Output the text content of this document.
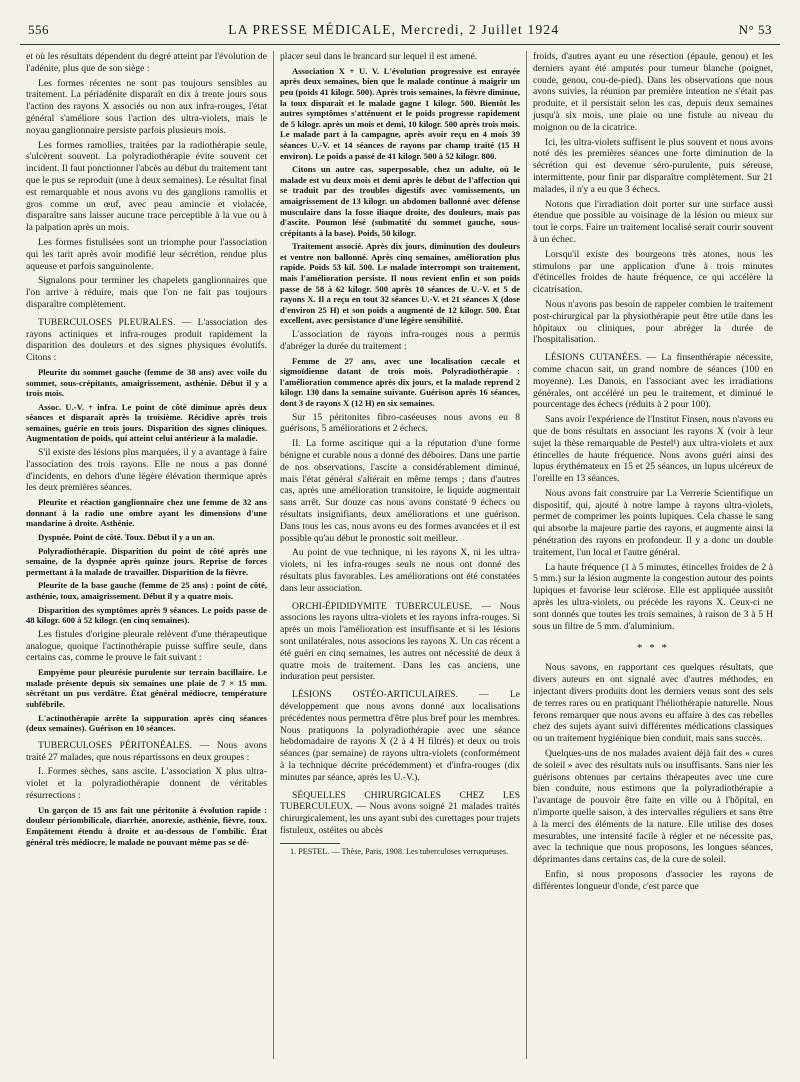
556	LA PRESSE MÉDICALE, Mercredi, 2 Juillet 1924	N° 53

et où les résultats dépendent du degré atteint par l'évolution de l'adénite, plus que de son siège :

Les formes récentes ne sont pas toujours sensibles au traitement. La périadénite disparaît en dix à trente jours sous l'action des rayons X associés ou non aux infra-rouges, l'état général s'améliore sous l'action des ultra-violets, mais le noyau ganglionnaire persiste parfois plusieurs mois.

Les formes ramollies, traitées par la radiothérapie seule, s'ulcèrent souvent. La polyradiothérapie évite souvent cet incident. Il faut ponctionner l'abcès au début du traitement tant que le pus se reproduit (une à deux semaines). Le résultat final est remarquable et nous avons vu des ganglions ramollis et gros comme un œuf, avec peau amincie et violacée, disparaître sans laisser aucune trace perceptible à la vue ou à la palpation après un mois.

Les formes fistulisées sont un triomphe pour l'association qui les tarit après avoir modifié leur sécrétion, rendue plus aqueuse et parfois sanguinolente.

Signalons pour terminer les chapelets ganglionnaires que l'on arrive à réduire, mais que l'on ne fait pas toujours disparaître complètement.

TUBERCULOSES PLEURALES. — L'association des rayons actiniques et infra-rouges produit rapidement la disparition des douleurs et des signes physiques évolutifs. Citons :

Pleurite du sommet gauche (femme de 38 ans) avec voile du sommet, sous-crépitants, amaigrissement, asthénie. Début il y a trois mois.

Assoc. U.-V. + infra. Le point de côté diminue après deux séances et disparaît après la troisième. Récidive après trois semaines, guérie en trois jours. Disparition des signes cliniques. Augmentation de poids, qui atteint celui antérieur à la maladie.

S'il existe des lésions plus marquées, il y a avantage à faire l'association des trois rayons. Elle ne nous a pas donné d'incidents, en dehors d'une légère élévation thermique après les deux premières séances.

Pleurite et réaction ganglionnaire chez une femme de 32 ans donnant à la radio une ombre ayant les dimensions d'une mandarine à droite. Asthénie.

Dyspnée. Point de côté. Toux. Début il y a un an.

Polyradiothérapie. Disparition du point de côté après une semaine, de la dyspnée après quinze jours. Reprise de forces permettant à la malade de travailler. Disparition de la fièvre.

Pleurite de la base gauche (femme de 25 ans) : point de côté, asthénie, toux, amaigrissement. Début il y a quatre mois.

Disparition des symptômes après 9 séances. Le poids passe de 48 kilogr. 600 à 52 kilogr. (en cinq semaines).

Les fistules d'origine pleurale relèvent d'une thérapeutique analogue, quoique l'actinothérapie puisse suffire seule, dans certains cas, comme le prouve le fait suivant :

Empyème pour pleurésie purulente sur terrain bacillaire. Le malade présente depuis six semaines une plaie de 7 × 15 mm. sécrétant un pus verdâtre. État général médiocre, température subfébrile.

L'actinothérapie arrête la suppuration après cinq séances (deux semaines). Guérison en 10 séances.

TUBERCULOSES PÉRITONÉALES. — Nous avons traité 27 malades, que nous répartissons en deux groupes :

I. Formes sèches, sans ascite. L'association X plus ultra-violet et la polyradiothérapie donnent de véritables résurrections :

Un garçon de 15 ans fait une péritonite à évolution rapide : douleur périombilicale, diarrhée, anorexie, asthénie, fièvre, toux. Empâtement étendu à droite et au-dessous de l'ombilic. État général très médiocre, le malade ne pouvant même pas se dé-

placer seul dans le brancard sur lequel il est amené.

Association X + U. V. L'évolution progressive est enrayée après deux semaines, bien que le malade continue à maigrir un peu (poids 41 kilogr. 500). Après trois semaines, la fièvre diminue, la toux disparaît et le malade gagne 1 kilogr. 500. Bientôt les autres symptômes s'atténuent et le poids progresse rapidement de 5 kilogr. après un mois et demi, 10 kilogr. 500 après trois mois. Le malade part à la campagne, après avoir reçu en 4 mois 39 séances U.-V. et 14 séances de rayons par champ traité (15 H environ). Le poids a passé de 41 kilogr. 500 à 52 kilogr. 800.

Citons un autre cas, superposable, chez un adulte, où le malade est vu deux mois et demi après le début de l'affection qui se traduit par des troubles digestifs avec vomissements, un amaigrissement de 13 kilogr. un abdomen ballonné avec défense musculaire dans la fosse iliaque droite, des douleurs, mais pas d'ascite. Poumon lésé (submatité du sommet gauche, sous-crépitants à la base). Poids, 50 kilogr.

Traitement associé. Après dix jours, diminution des douleurs et ventre non ballonné. Après cinq semaines, amélioration plus rapide. Poids 53 kil. 500. Le malade interrompt son traitement, mais l'amélioration persiste. Il nous revient enfin et son poids passe de 58 à 62 kilogr. 500 après 10 séances de U.-V. et 5 de rayons X. Il a reçu en tout 32 séances U.-V. et 21 séances X (dose d'environ 25 H) et son poids a augmenté de 12 kilogr. 500. État excellent, avec persistance d'une légère sensibilité.

L'association de rayons infra-rouges nous a permis d'abréger la durée du traitement :

Femme de 27 ans, avec une localisation cæcale et sigmoïdienne datant de trois mois. Polyradiothérapie : l'amélioration commence après dix jours, et la malade reprend 2 kilogr. 130 dans la semaine suivante. Guérison après 16 séances, dont 3 de rayons X (12 H) en six semaines.

Sur 15 péritonites fibro-caséeuses nous avons eu 8 guérisons, 5 améliorations et 2 échecs.

II. La forme ascitique qui a la réputation d'une forme bénigne et curable nous a donné des déboires. Dans une partie de nos observations, l'ascite a considérablement diminué, mais l'état général s'altérait en même temps ; dans d'autres cas, après une amélioration transitoire, le liquide augmentait sans arrêt. Sur douze cas nous avons constaté 9 échecs ou résultats insignifiants, deux améliorations et une guérison. Dans tous les cas, nous avons eu des formes avancées et il est possible qu'au début le pronostic soit meilleur.

Au point de vue technique, ni les rayons X, ni les ultra-violets, ni les infra-rouges seuls ne nous ont donné des résultats plus favorables. Les améliorations ont été constatées dans leur association.

ORCHI-ÉPIDIDYMITE TUBERCULEUSE. — Nous associons les rayons ultra-violets et les rayons infra-rouges. Si après un mois l'amélioration est insuffisante et si les lésions sont unilatérales, nous associons les rayons X. Un cas récent a été guéri en cinq semaines, les autres ont nécessité de deux à quatre mois de traitement. Dans les cas anciens, une induration peut persister.

LÉSIONS OSTÉO-ARTICULAIRES. — Le développement que nous avons donné aux localisations précédentes nous permettra d'être plus bref pour les membres. Nous pratiquons la polyradiothérapie avec une séance hebdomadaire de rayons X (2 à 4 H filtrés) et deux ou trois séances (par semaine) de rayons ultra-violets (conformément à la technique décrite précédemment) et d'infra-rouges (dix minutes par séance, après les U.-V.).

SÉQUELLES CHIRURGICALES CHEZ LES TUBERCULEUX. — Nous avons soigné 21 malades traités chirurgicalement, les uns ayant subi des curettages pour trajets fistuleux, ostéites ou abcès

1. PESTEL. — Thèse, Paris, 1908. Les tuberculoses verruqueuses.

froids, d'autres ayant eu une résection (épaule, genou) et les derniers ayant été amputés pour tumeur blanche (poignet, coude, genou, cou-de-pied). Dans les observations que nous avons suivies, la réunion par première intention ne s'était pas produite, et il persistait selon les cas, depuis deux semaines jusqu'à six mois, une plaie ou une fistule au niveau du moignon ou de la cicatrice.

Ici, les ultra-violets suffisent le plus souvent et nous avons noté dès les premières séances une forte diminution de la sécrétion qui est devenue séro-purulente, puis séreuse, intermittente, pour finir par disparaître complètement. Sur 21 malades, il n'y a eu que 3 échecs.

Notons que l'irradiation doit porter sur une surface aussi étendue que possible au voisinage de la lésion ou mieux sur tout le corps. Faire un traitement localisé serait courir souvent à un échec.

Lorsqu'il existe des bourgeons très atones, nous les stimulons par une application d'une à trois minutes d'étincelles froides de haute fréquence, ce qui accélère la cicatrisation.

Nous n'avons pas besoin de rappeler combien le traitement post-chirurgical par la physiothérapie peut être utile dans les hôpitaux ou cliniques, pour abréger la durée de l'hospitalisation.

LÉSIONS CUTANÉES. — La finsenthérapie nécessite, comme chacun sait, un grand nombre de séances (100 en moyenne). Les Danois, en l'associant avec les irradiations générales, ont accéléré un peu le traitement, et diminué le pourcentage des échecs (réduits à 2 pour 100).

Sans avoir l'expérience de l'Institut Finsen, nous n'avons eu que de bons résultats en associant les rayons X (voir à leur sujet la thèse remarquable de Pestel¹) aux ultra-violets et aux étincelles de haute fréquence. Nous avons guéri ainsi des lupus érythémateux en 15 et 25 séances, un lupus ulcéreux de l'oreille en 13 séances.

Nous avons fait construire par La Verrerie Scientifique un dispositif, qui, ajouté à notre lampe à rayons ultra-violets, permet de comprimer les points lupiques. Cela chasse le sang qui absorbe la majeure partie des rayons, et augmente ainsi la pénétration des rayons en profondeur. Il y a donc un double traitement, l'un local et l'autre général.

La haute fréquence (1 à 5 minutes, étincelles froides de 2 à 5 mm.) sur la lésion augmente la congestion autour des points lupiques et favorise leur sclérose. Elle est appliquée aussitôt après les ultra-violets, ou précède les rayons X. Ceux-ci ne sont donnés que toutes les trois semaines, à raison de 3 à 5 H sous un filtre de 5 mm. d'aluminium.

* * *

Nous savons, en rapportant ces quelques résultats, que divers auteurs en ont signalé avec d'autres méthodes, en injectant divers produits dont les derniers venus sont des sels de terres rares ou en pratiquant l'héliothérapie naturelle. Nous ferons remarquer que nous avons eu affaire à des cas rebelles chez des sujets ayant suivi différentes médications classiques ou un traitement hygiénique bien conduit, mais sans succès.

Quelques-uns de nos malades avaient déjà fait des « cures de soleil » avec des résultats nuls ou insuffisants. Sans nier les guérisons obtenues par certains thérapeutes avec une cure bien conduite, nous estimons que la polyradiothérapie a l'avantage de pouvoir être faite en ville ou à l'hôpital, en n'importe quelle saison, à des intervalles réguliers et sans être à la merci des éléments de la nature. Elle utilise des doses mesurables, une intensité facile à régler et ne nécessite pas, avec la technique que nous proposons, les longues séances, déprimantes dans certains cas, de la cure de soleil.

Enfin, si nous proposons d'associer les rayons de différentes longueur d'onde, c'est parce que
